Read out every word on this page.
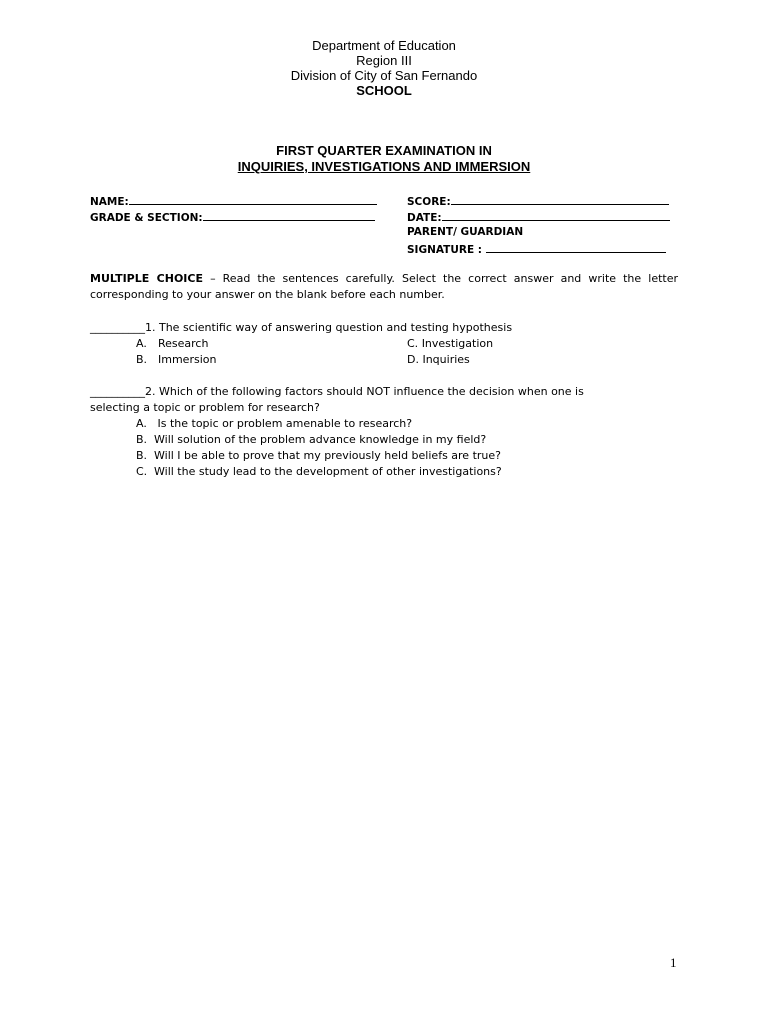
Department of Education
Region III
Division of City of San Fernando
SCHOOL
FIRST QUARTER EXAMINATION IN
INQUIRIES, INVESTIGATIONS AND IMMERSION
NAME:
GRADE & SECTION:
SCORE:
DATE:
PARENT/ GUARDIAN
SIGNATURE :
MULTIPLE CHOICE – Read the sentences carefully. Select the correct answer and write the letter corresponding to your answer on the blank before each number.
__________1. The scientific way of answering question and testing hypothesis
A. Research	C. Investigation
B. Immersion	D. Inquiries
__________2. Which of the following factors should NOT influence the decision when one is
selecting a topic or problem for research?
A. Is the topic or problem amenable to research?
B. Will solution of the problem advance knowledge in my field?
B. Will I be able to prove that my previously held beliefs are true?
C. Will the study lead to the development of other investigations?
1
